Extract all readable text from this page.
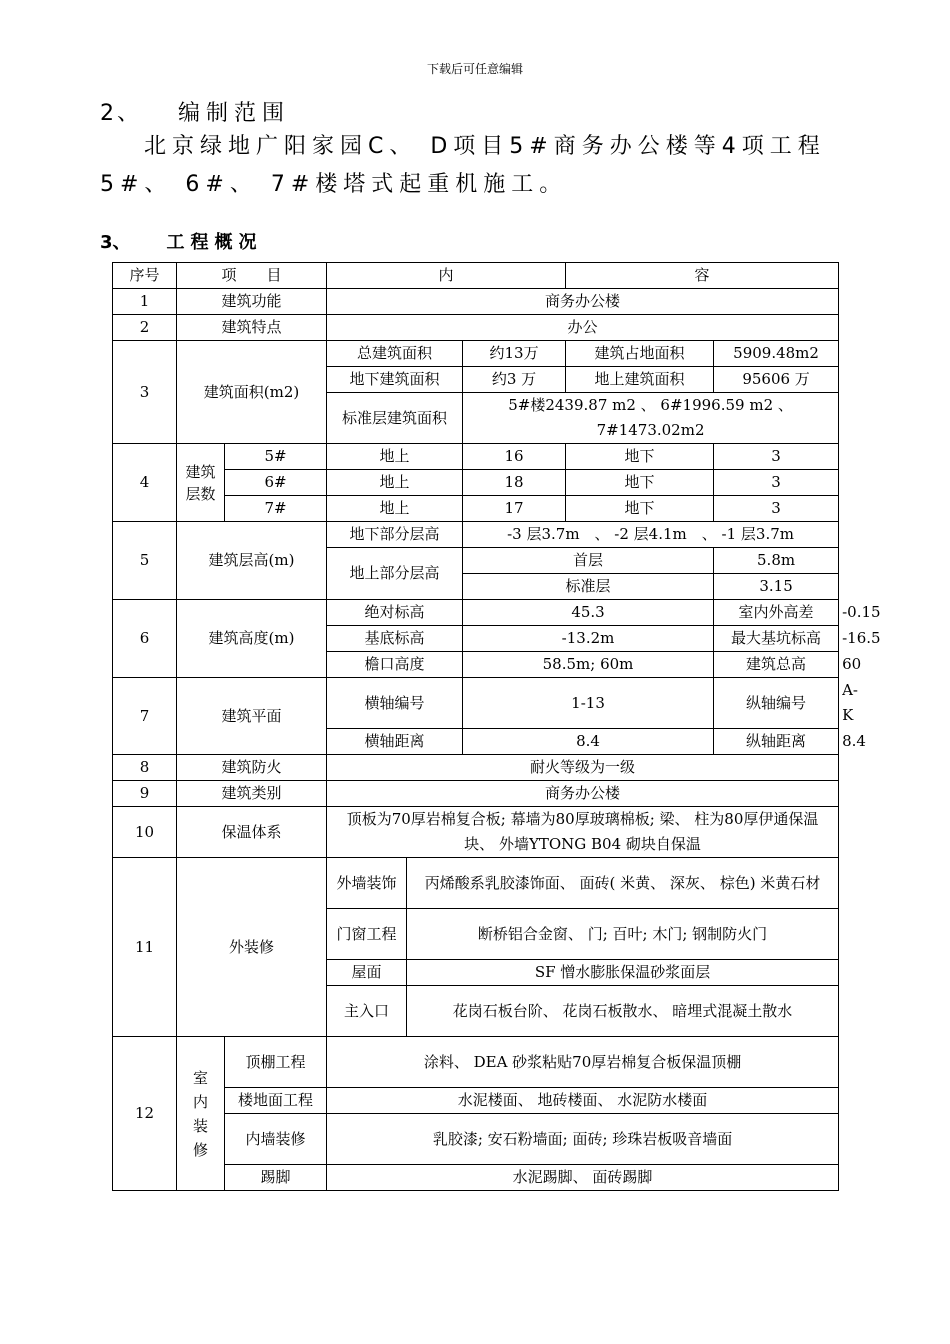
下载后可任意编辑
2、 编制范围
北京绿地广阳家园C、 D项目5#商务办公楼等4项工程5#、 6#、 7#楼塔式起重机施工。
3、 工程概况
序号	项　　目		内			容		
1	建筑功能		商务办公楼					
2	建筑特点		办公					
3	建筑面积(m2)		总建筑面积		约13万	建筑占地面积	5909.48m2	
			地下建筑面积		约3 万	地上建筑面积	95606 万	
			标准层建筑面积		5#楼2439.87 m2 、 6#1996.59 m2 、 7#1473.02m2			
4	建筑层数	5#	地上		16	地下	3	
		6#	地上		18	地下	3	
		7#	地上		17	地下	3	
5	建筑层高(m)		地下部分层高		-3 层3.7m　、 -2 层4.1m　、 -1 层3.7m			
			地上部分层高		首层		5.8m	
					标准层		3.15	
6	建筑高度(m)		绝对标高		45.3		室内外高差	-0.15
			基底标高		-13.2m		最大基坑标高	-16.5
			檐口高度		58.5m; 60m		建筑总高	60
7	建筑平面		横轴编号		1-13		纵轴编号	A-K
			横轴距离		8.4		纵轴距离	8.4
8	建筑防火		耐火等级为一级					
9	建筑类别		商务办公楼					
10	保温体系		顶板为70厚岩棉复合板; 幕墙为80厚玻璃棉板; 梁、 柱为80厚伊通保温块、 外墙YTONG B04 砌块自保温					
11	外装修		外墙装饰	丙烯酸系乳胶漆饰面、 面砖( 米黄、 深灰、 棕色) 米黄石材				
			门窗工程	断桥铝合金窗、 门; 百叶; 木门; 钢制防火门				
			屋面	SF 憎水膨胀保温砂浆面层				
			主入口	花岗石板台阶、 花岗石板散水、 暗埋式混凝土散水				
12	室内装修	顶棚工程	涂料、 DEA 砂浆粘贴70厚岩棉复合板保温顶棚					
		楼地面工程	水泥楼面、 地砖楼面、 水泥防水楼面					
		内墙装修	乳胶漆; 安石粉墙面; 面砖; 珍珠岩板吸音墙面					
		踢脚	水泥踢脚、 面砖踢脚					
